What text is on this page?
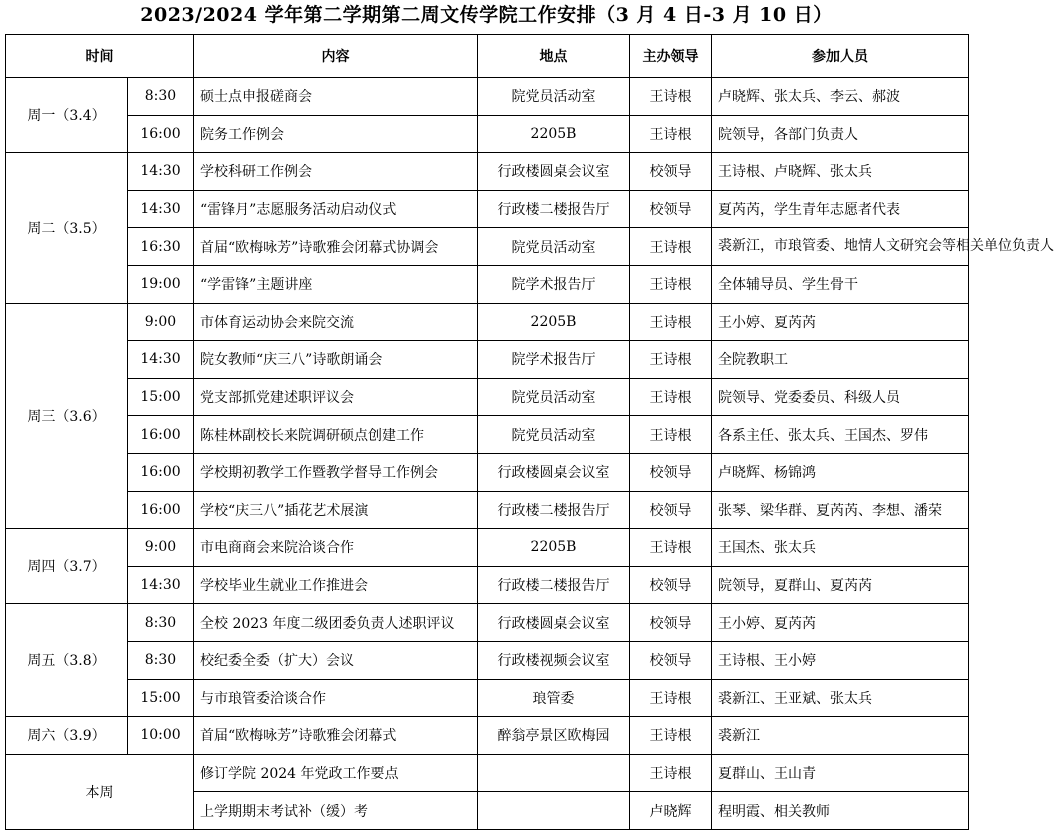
2023/2024 学年第二学期第二周文传学院工作安排（3 月 4 日-3 月 10 日）
时间		内容	地点	主办领导	参加人员
周一（3.4）	8:30	硕士点申报磋商会	院党员活动室	王诗根	卢晓辉、张太兵、李云、郝波
	16:00	院务工作例会	2205B	王诗根	院领导，各部门负责人
周二（3.5）	14:30	学校科研工作例会	行政楼圆桌会议室	校领导	王诗根、卢晓辉、张太兵
	14:30	“雷锋月”志愿服务活动启动仪式	行政楼二楼报告厅	校领导	夏芮芮，学生青年志愿者代表
	16:30	首届“欧梅咏芳”诗歌雅会闭幕式协调会	院党员活动室	王诗根	裘新江，市琅管委、地情人文研究会等相关单位负责人
	19:00	“学雷锋”主题讲座	院学术报告厅	王诗根	全体辅导员、学生骨干
周三（3.6）	9:00	市体育运动协会来院交流	2205B	王诗根	王小婷、夏芮芮
	14:30	院女教师“庆三八”诗歌朗诵会	院学术报告厅	王诗根	全院教职工
	15:00	党支部抓党建述职评议会	院党员活动室	王诗根	院领导、党委委员、科级人员
	16:00	陈桂林副校长来院调研硕点创建工作	院党员活动室	王诗根	各系主任、张太兵、王国杰、罗伟
	16:00	学校期初教学工作暨教学督导工作例会	行政楼圆桌会议室	校领导	卢晓辉、杨锦鸿
	16:00	学校“庆三八”插花艺术展演	行政楼二楼报告厅	校领导	张琴、梁华群、夏芮芮、李想、潘荣
周四（3.7）	9:00	市电商商会来院洽谈合作	2205B	王诗根	王国杰、张太兵
	14:30	学校毕业生就业工作推进会	行政楼二楼报告厅	校领导	院领导，夏群山、夏芮芮
周五（3.8）	8:30	全校 2023 年度二级团委负责人述职评议	行政楼圆桌会议室	校领导	王小婷、夏芮芮
	8:30	校纪委全委（扩大）会议	行政楼视频会议室	校领导	王诗根、王小婷
	15:00	与市琅管委洽谈合作	琅管委	王诗根	裘新江、王亚斌、张太兵
周六（3.9）	10:00	首届“欧梅咏芳”诗歌雅会闭幕式	醉翁亭景区欧梅园	王诗根	裘新江
本周		修订学院 2024 年党政工作要点		王诗根	夏群山、王山青
		上学期期末考试补（缓）考		卢晓辉	程明霞、相关教师
